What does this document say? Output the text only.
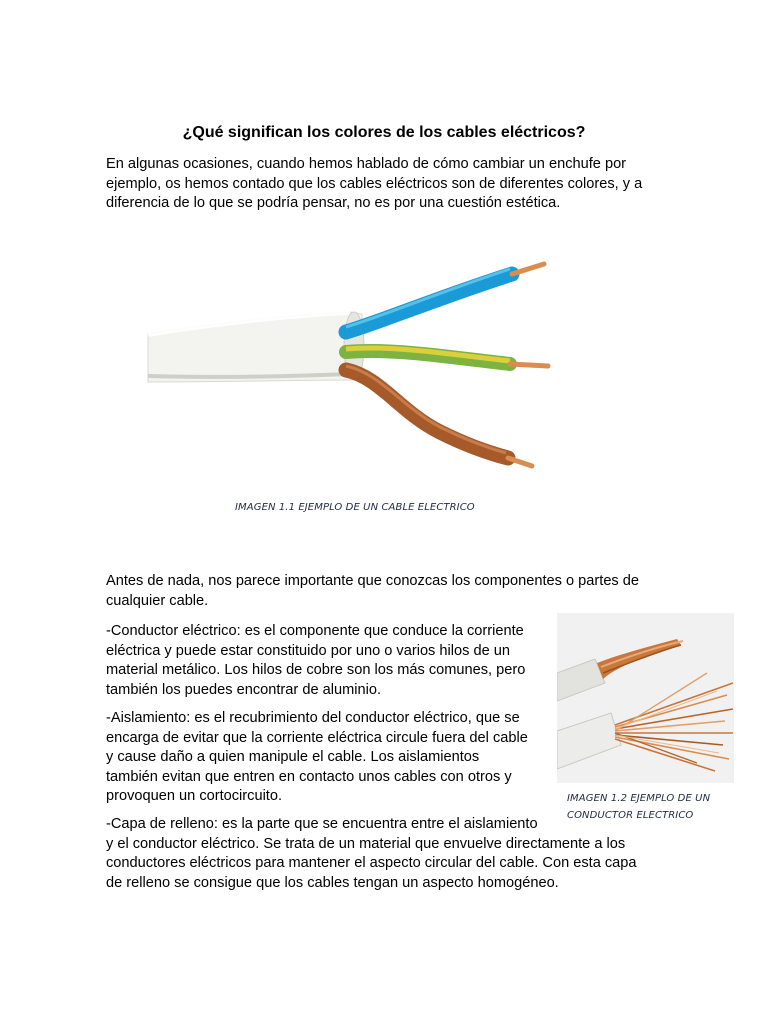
¿Qué significan los colores de los cables eléctricos?

En algunas ocasiones, cuando hemos hablado de cómo cambiar un enchufe por
ejemplo, os hemos contado que los cables eléctricos son de diferentes colores, y a
diferencia de lo que se podría pensar, no es por una cuestión estética.

IMAGEN 1.1 EJEMPLO DE UN CABLE ELECTRICO

Antes de nada, nos parece importante que conozcas los componentes o partes de
cualquier cable.

-Conductor eléctrico: es el componente que conduce la corriente
eléctrica y puede estar constituido por uno o varios hilos de un
material metálico. Los hilos de cobre son los más comunes, pero
también los puedes encontrar de aluminio.

IMAGEN 1.2 EJEMPLO DE UN
CONDUCTOR ELECTRICO

-Aislamiento: es el recubrimiento del conductor eléctrico, que se
encarga de evitar que la corriente eléctrica circule fuera del cable
y cause daño a quien manipule el cable. Los aislamientos
también evitan que entren en contacto unos cables con otros y
provoquen un cortocircuito.

-Capa de relleno: es la parte que se encuentra entre el aislamiento
y el conductor eléctrico. Se trata de un material que envuelve directamente a los
conductores eléctricos para mantener el aspecto circular del cable. Con esta capa
de relleno se consigue que los cables tengan un aspecto homogéneo.
